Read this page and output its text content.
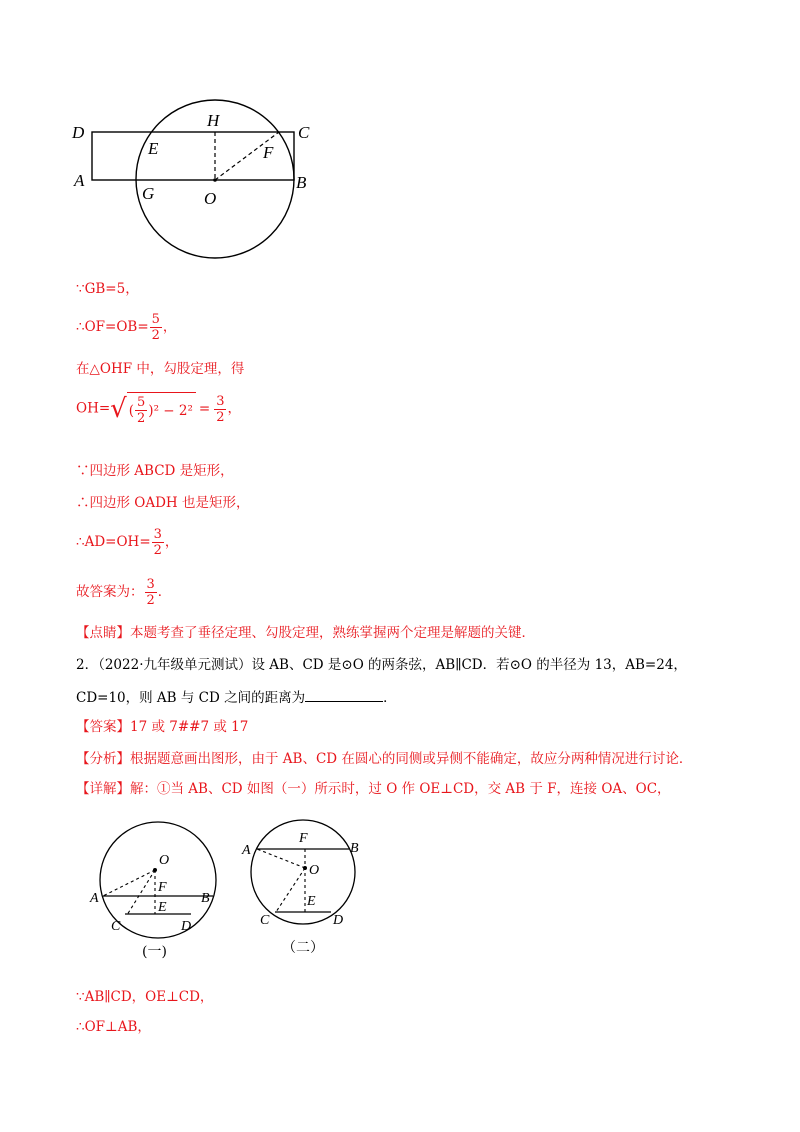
D	C
A	B
H
E	F
G	O
∵GB=5，
∴OF=OB= $\frac{5}{2}$ ，
在△OHF 中，勾股定理，得
OH=√ ( $\frac{5}{2} )^2 - 2^2 = \frac{3}{2}$ ，
∵四边形 ABCD 是矩形，
∴四边形 OADH 也是矩形，
∴AD=OH= $\frac{3}{2}$ ，
故答案为： $\frac{3}{2}$ ．
【点睛】本题考查了垂径定理、勾股定理，熟练掌握两个定理是解题的关键．
2．（2022·九年级单元测试）设 AB、CD 是⊙O 的两条弦，AB∥CD．若⊙O 的半径为 13，AB=24，
CD=10，则 AB 与 CD 之间的距离为	．
【答案】17 或 7##7 或 17
【分析】根据题意画出图形，由于 AB、CD 在圆心的同侧或异侧不能确定，故应分两种情况进行讨论．
【详解】解：①当 AB、CD 如图（一）所示时，过 O 作 OE⊥CD，交 AB 于 F，连接 OA、OC，
O
F
A	B
E
C	D
(一)
F
A	B
O
E
C	D
（二）
∵AB∥CD，OE⊥CD，
∴OF⊥AB，
